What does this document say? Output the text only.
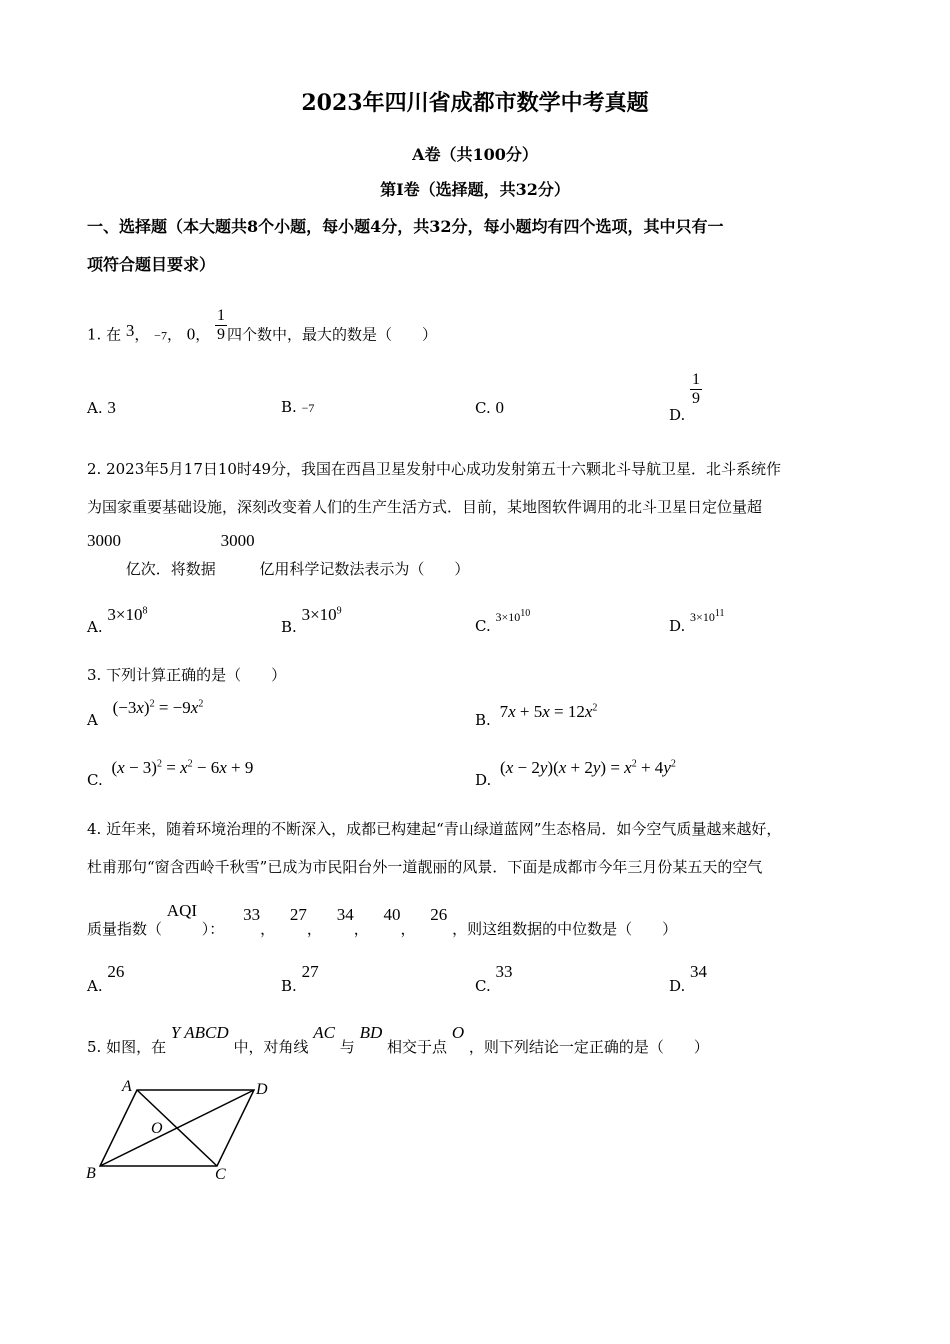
2023年四川省成都市数学中考真题
A卷（共100分）
第I卷（选择题，共32分）
一、选择题（本大题共8个小题，每小题4分，共32分，每小题均有四个选项，其中只有一
项符合题目要求）
1. 在 3， −7， 0， $\frac{1}{9}$ 四个数中，最大的数是（　　）
A. 3	B. −7	C. 0	D.
$\frac{1}{9}$
2. 2023年5月17日10时49分，我国在西昌卫星发射中心成功发射第五十六颗北斗导航卫星．北斗系统作
为国家重要基础设施，深刻改变着人们的生产生活方式．目前，某地图软件调用的北斗卫星日定位量超
3000 亿次．将数据 3000 亿用科学记数法表示为（　　）
A. $3\times 10^8$
B. $3\times 10^9$
C. $3\times 10^{10}$
D. $3\times 10^{11}$
3. 下列计算正确的是（　　）
A $(-3x)^2 = -9x^2$
B. $7x + 5x = 12x^2$
C. $(x - 3)^2 = x^2 - 6x + 9$
D. $(x - 2y)(x + 2y) = x^2 + 4y^2$
4. 近年来，随着环境治理的不断深入，成都已构建起“青山绿道蓝网”生态格局．如今空气质量越来越好，
杜甫那句“窗含西岭千秋雪”已成为市民阳台外一道靓丽的风景．下面是成都市今年三月份某五天的空气
质量指数（ AQI ）： 33， 27， 34， 40， 26 ，则这组数据的中位数是（　　）
A. 26
B. 27
C. 33
D. 34
5. 如图，在 Y ABCD 中，对角线 AC 与 BD 相交于点 O ，则下列结论一定正确的是（　　）
A	D
B	C
O
